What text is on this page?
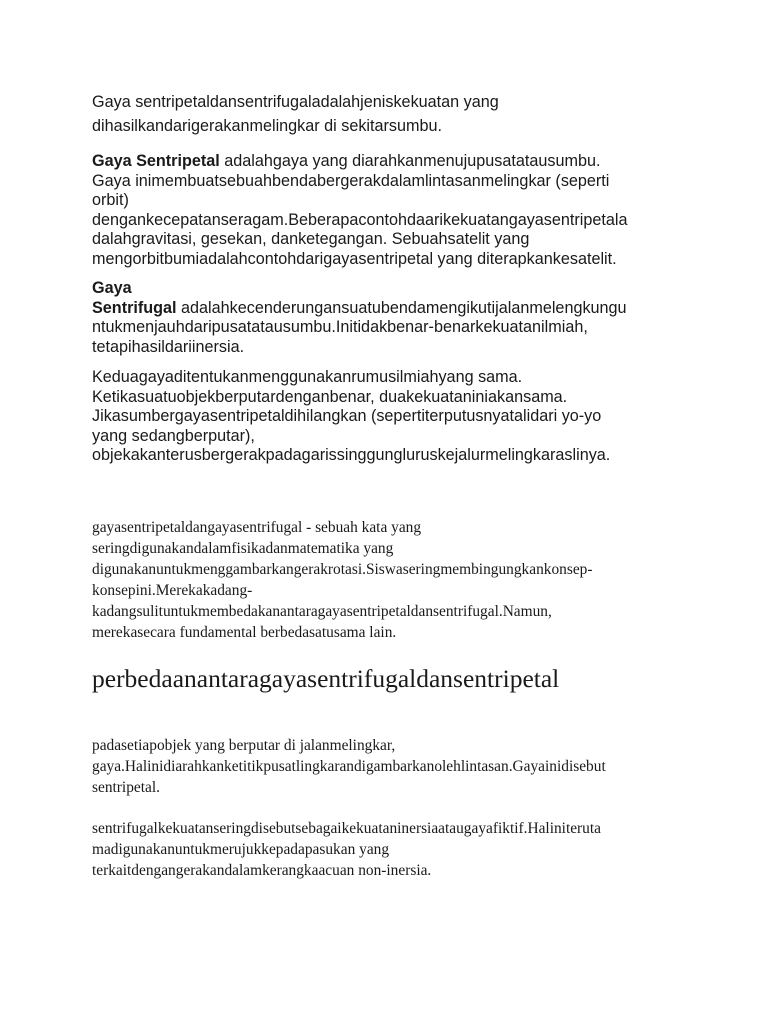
Gaya sentripetaldansentrifugaladalahjeniskekuatan yang
dihasilkandarigerakanmelingkar di sekitarsumbu.

Gaya Sentripetal adalahgaya yang diarahkanmenujupusatatausumbu.
Gaya inimembuatsebuahbendabergerakdalamlintasanmelingkar (seperti
orbit)
dengankecepatanseragam.Beberapacontohdaarikekuatangayasentripetala
dalahgravitasi, gesekan, danketegangan. Sebuahsatelit yang
mengorbitbumiadalahcontohdarigayasentripetal yang diterapkankesatelit.

Gaya
Sentrifugal adalahkecenderungansuatubendamengikutijalanmelengkungu
ntukmenjauhdaripusatatausumbu.Initidakbenar-benarkekuatanilmiah,
tetapihasildariinersia.

Keduagayaditentukanmenggunakanrumusilmiahyang sama.
Ketikasuatuobjekberputardenganbenar, duakekuataniniakansama.
Jikasumbergayasentripetaldihilangkan (sepertiterputusnyatalidari yo-yo
yang sedangberputar),
objekakanterusbergerakpadagarissinggungluruskejalurmelingkaraslinya.

gayasentripetaldangayasentrifugal - sebuah kata yang
seringdigunakandalamfisikadanmatematika yang
digunakanuntukmenggambarkangerakrotasi.Siswaseringmembingungkankonsep-
konsepini.Merekakadang-
kadangsulituntukmembedakanantaragayasentripetaldansentrifugal.Namun,
merekasecara fundamental berbedasatusama lain.

perbedaanantaragayasentrifugaldansentripetal

padasetiapobjek yang berputar di jalanmelingkar,
gaya.Halinidiarahkanketitikpusatlingkarandigambarkanolehlintasan.Gayainidisebut
sentripetal.

sentrifugalkekuatanseringdisebutsebagaikekuataninersiaataugayafiktif.Haliniteruta
madigunakanuntukmerujukkepadapasukan yang
terkaitdengangerakandalamkerangkaacuan non-inersia.
